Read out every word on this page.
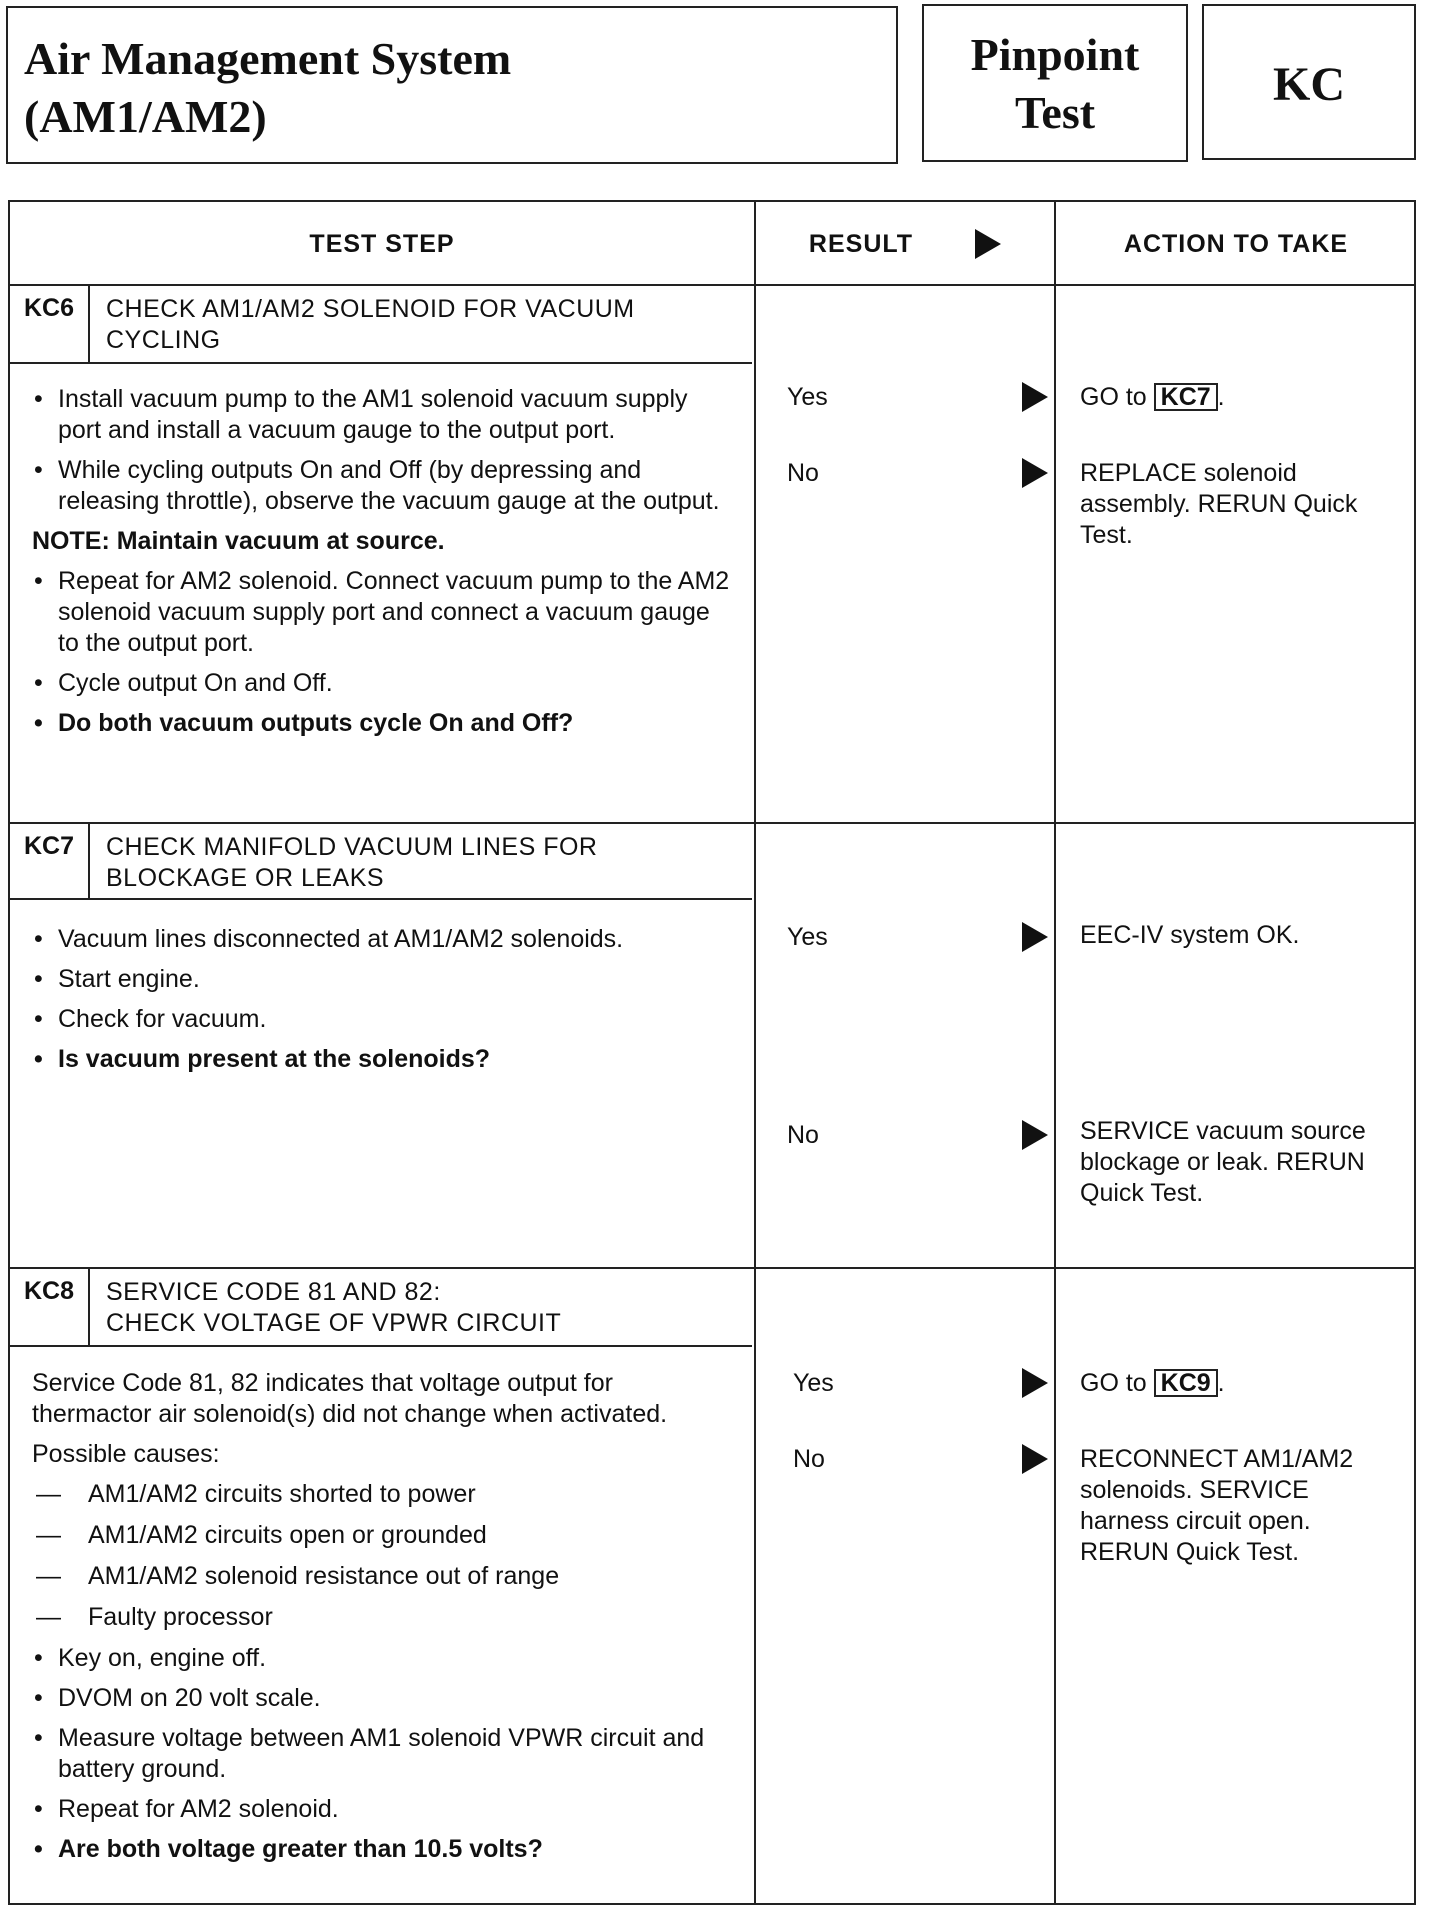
Air Management System
(AM1/AM2)
Pinpoint
Test
KC
TEST STEP	RESULT	ACTION TO TAKE
KC6	CHECK AM1/AM2 SOLENOID FOR VACUUM CYCLING
• Install vacuum pump to the AM1 solenoid vacuum supply port and install a vacuum gauge to the output port.
• While cycling outputs On and Off (by depressing and releasing throttle), observe the vacuum gauge at the output.

NOTE: Maintain vacuum at source.

• Repeat for AM2 solenoid. Connect vacuum pump to the AM2 solenoid vacuum supply port and connect a vacuum gauge to the output port.
• Cycle output On and Off.
• Do both vacuum outputs cycle On and Off?
Yes	GO to KC7 .
No	REPLACE solenoid assembly. RERUN Quick Test.
KC7	CHECK MANIFOLD VACUUM LINES FOR BLOCKAGE OR LEAKS
• Vacuum lines disconnected at AM1/AM2 solenoids.
• Start engine.
• Check for vacuum.
• Is vacuum present at the solenoids?
Yes	EEC-IV system OK.
No	SERVICE vacuum source blockage or leak. RERUN Quick Test.
KC8	SERVICE CODE 81 AND 82:
CHECK VOLTAGE OF VPWR CIRCUIT

Service Code 81, 82 indicates that voltage output for thermactor air solenoid(s) did not change when activated.

Possible causes:

— AM1/AM2 circuits shorted to power
— AM1/AM2 circuits open or grounded
— AM1/AM2 solenoid resistance out of range
— Faulty processor
• Key on, engine off.
• DVOM on 20 volt scale.
• Measure voltage between AM1 solenoid VPWR circuit and battery ground.
• Repeat for AM2 solenoid.
• Are both voltage greater than 10.5 volts?
Yes	GO to KC9 .
No	RECONNECT AM1/AM2 solenoids. SERVICE harness circuit open. RERUN Quick Test.
